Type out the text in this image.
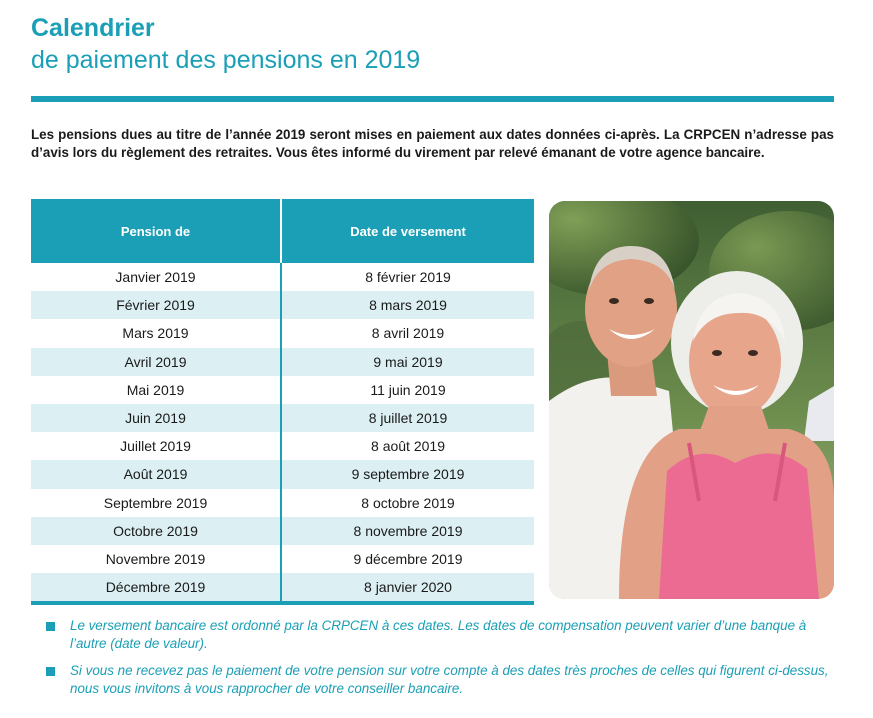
Calendrier
de paiement des pensions en 2019

Les pensions dues au titre de l’année 2019 seront mises en paiement aux dates données ci-après. La CRPCEN n’adresse pas d’avis lors du règlement des retraites. Vous êtes informé du virement par relevé émanant de votre agence bancaire.

Pension de	Date de versement
Janvier 2019	8 février 2019
Février 2019	8 mars 2019
Mars 2019	8 avril 2019
Avril 2019	9 mai 2019
Mai 2019	11 juin 2019
Juin 2019	8 juillet 2019
Juillet 2019	8 août 2019
Août 2019	9 septembre 2019
Septembre 2019	8 octobre 2019
Octobre 2019	8 novembre 2019
Novembre 2019	9 décembre 2019
Décembre 2019	8 janvier 2020
Le versement bancaire est ordonné par la CRPCEN à ces dates. Les dates de compensation peuvent varier d’une banque à l’autre (date de valeur).
Si vous ne recevez pas le paiement de votre pension sur votre compte à des dates très proches de celles qui figurent ci-dessus, nous vous invitons à vous rapprocher de votre conseiller bancaire.
